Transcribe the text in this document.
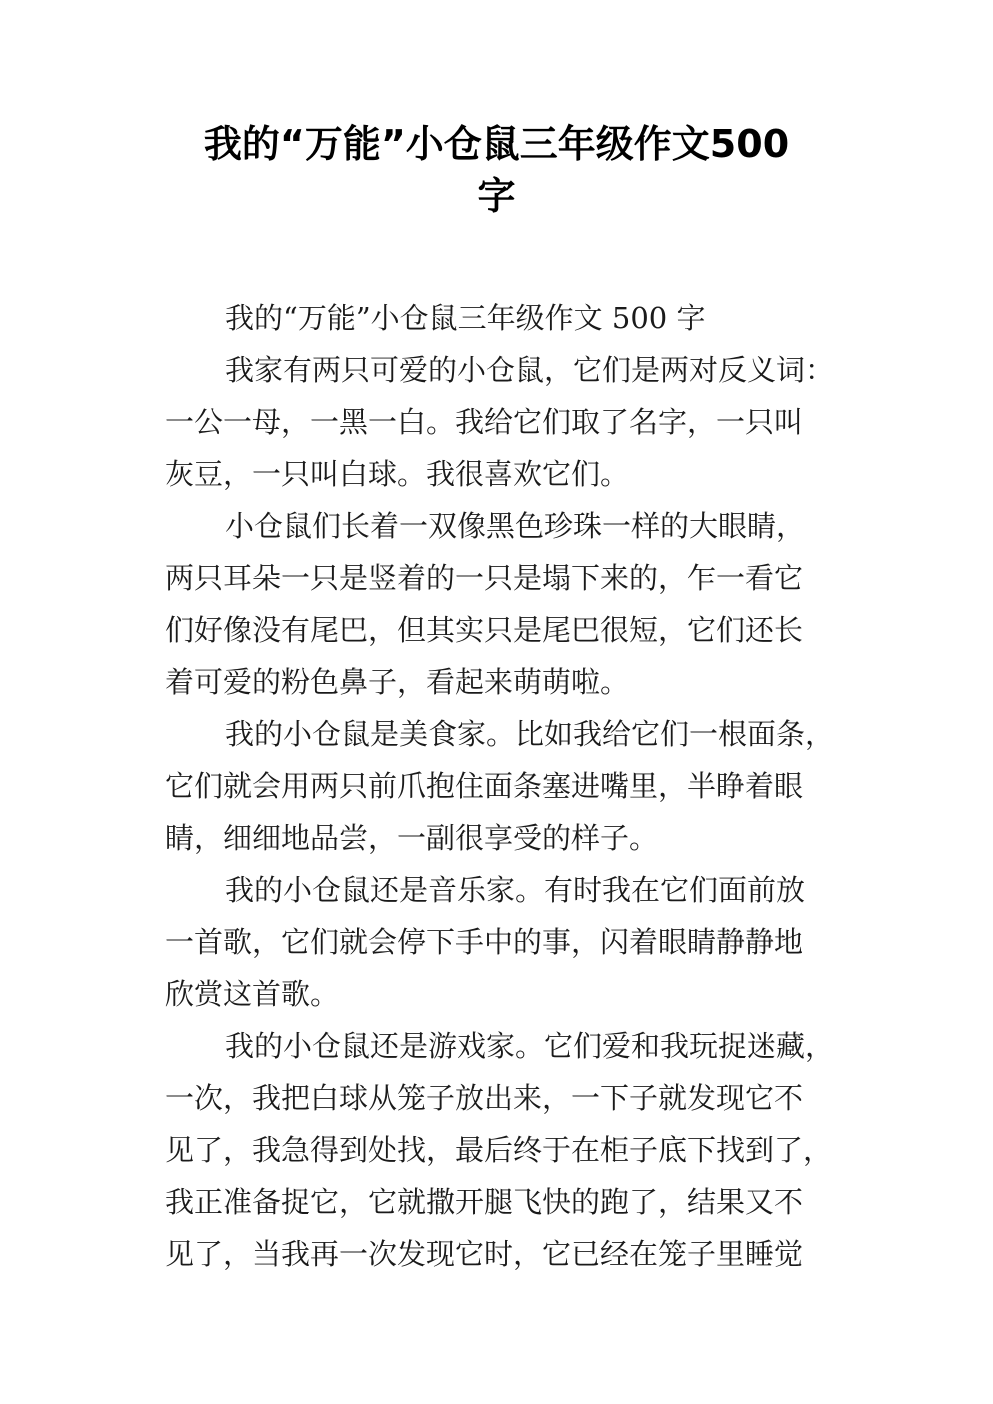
我的“万能”小仓鼠三年级作文500
字

我的“万能”小仓鼠三年级作文 500 字

我家有两只可爱的小仓鼠，它们是两对反义词：
一公一母，一黑一白。我给它们取了名字，一只叫
灰豆，一只叫白球。我很喜欢它们。

小仓鼠们长着一双像黑色珍珠一样的大眼睛，
两只耳朵一只是竖着的一只是塌下来的，乍一看它
们好像没有尾巴，但其实只是尾巴很短，它们还长
着可爱的粉色鼻子，看起来萌萌啦。

我的小仓鼠是美食家。比如我给它们一根面条，
它们就会用两只前爪抱住面条塞进嘴里，半睁着眼
睛，细细地品尝，一副很享受的样子。

我的小仓鼠还是音乐家。有时我在它们面前放
一首歌，它们就会停下手中的事，闪着眼睛静静地
欣赏这首歌。

我的小仓鼠还是游戏家。它们爱和我玩捉迷藏，
一次，我把白球从笼子放出来，一下子就发现它不
见了，我急得到处找，最后终于在柜子底下找到了，
我正准备捉它，它就撒开腿飞快的跑了，结果又不
见了，当我再一次发现它时，它已经在笼子里睡觉
